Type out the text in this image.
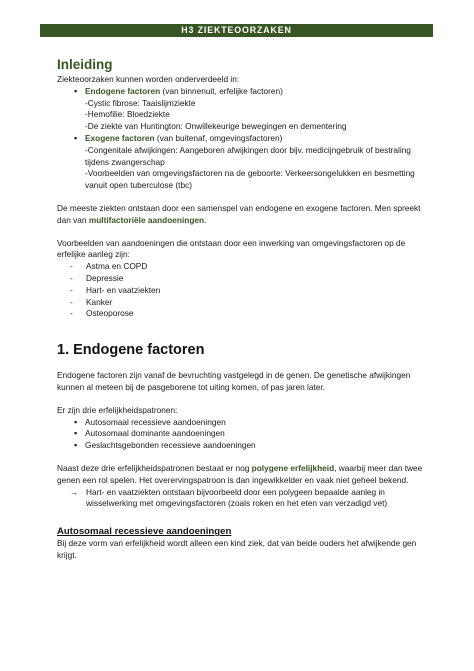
H3 ZIEKTEOORZAKEN
Inleiding

Ziekteoorzaken kunnen worden onderverdeeld in:

▪ Endogene factoren (van binnenuit, erfelijke factoren)
-Cystic fibrose: Taaislijmziekte
-Hemofilie: Bloedziekte
-De ziekte van Huntington: Onwillekeurige bewegingen en dementering
▪ Exogene factoren (van buitenaf, omgevingsfactoren)
-Congenitale afwijkingen: Aangeboren afwijkingen door bijv. medicijngebruik of bestraling tijdens zwangerschap
-Voorbeelden van omgevingsfactoren na de geboorte: Verkeersongelukken en besmetting vanuit open tuberculose (tbc)

De meeste ziekten ontstaan door een samenspel van endogene en exogene factoren. Men spreekt dan van multifactoriële aandoeningen.

Voorbeelden van aandoeningen die ontstaan door een inwerking van omgevingsfactoren op de erfelijke aanleg zijn:

- Astma en COPD
- Depressie
- Hart- en vaatziekten
- Kanker
- Osteoporose
1. Endogene factoren

Endogene factoren zijn vanaf de bevruchting vastgelegd in de genen. De genetische afwijkingen kunnen al meteen bij de pasgeborene tot uiting komen, of pas jaren later.

Er zijn drie erfelijkheidspatronen:

▪ Autosomaal recessieve aandoeningen
▪ Autosomaal dominante aandoeningen
▪ Geslachtsgebonden recessieve aandoeningen

Naast deze drie erfelijkheidspatronen bestaat er nog polygene erfelijkheid, waarbij meer dan twee genen een rol spelen. Het overervingspatroon is dan ingewikkelder en vaak niet geheel bekend.

→ Hart- en vaatziekten ontstaan bijvoorbeeld door een polygeen bepaalde aanleg in wisselwerking met omgevingsfactoren (zoals roken en het eten van verzadigd vet)

Autosomaal recessieve aandoeningen

Bij deze vorm van erfelijkheid wordt alleen een kind ziek, dat van beide ouders het afwijkende gen krijgt.
